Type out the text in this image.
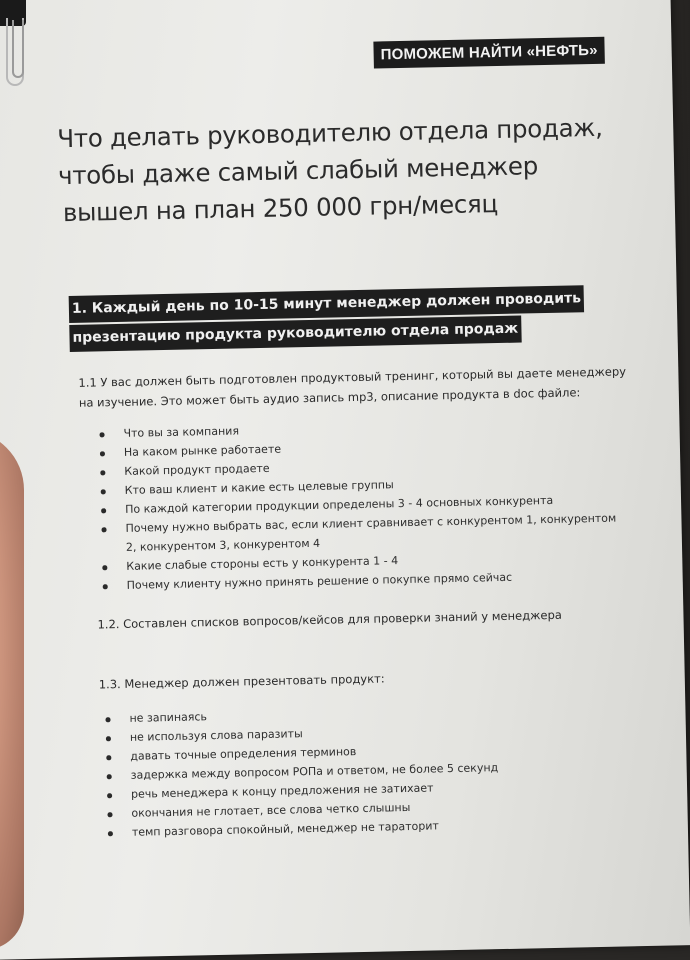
ПОМОЖЕМ НАЙТИ «НЕФТЬ»
Что делать руководителю отдела продаж,
чтобы даже самый слабый менеджер
вышел на план 250 000 грн/месяц
1. Каждый день по 10-15 минут менеджер должен проводить
презентацию продукта руководителю отдела продаж
1.1 У вас должен быть подготовлен продуктовый тренинг, который вы даете менеджеру
на изучение. Это может быть аудио запись mp3, описание продукта в doc файле:
Что вы за компания
На каком рынке работаете
Какой продукт продаете
Кто ваш клиент и какие есть целевые группы
По каждой категории продукции определены 3 - 4 основных конкурента
Почему нужно выбрать вас, если клиент сравнивает с конкурентом 1, конкурентом
2, конкурентом 3, конкурентом 4
Какие слабые стороны есть у конкурента 1 - 4
Почему клиенту нужно принять решение о покупке прямо сейчас
1.2. Составлен списков вопросов/кейсов для проверки знаний у менеджера
1.3. Менеджер должен презентовать продукт:
не запинаясь
не используя слова паразиты
давать точные определения терминов
задержка между вопросом РОПа и ответом, не более 5 секунд
речь менеджера к концу предложения не затихает
окончания не глотает, все слова четко слышны
темп разговора спокойный, менеджер не тараторит
